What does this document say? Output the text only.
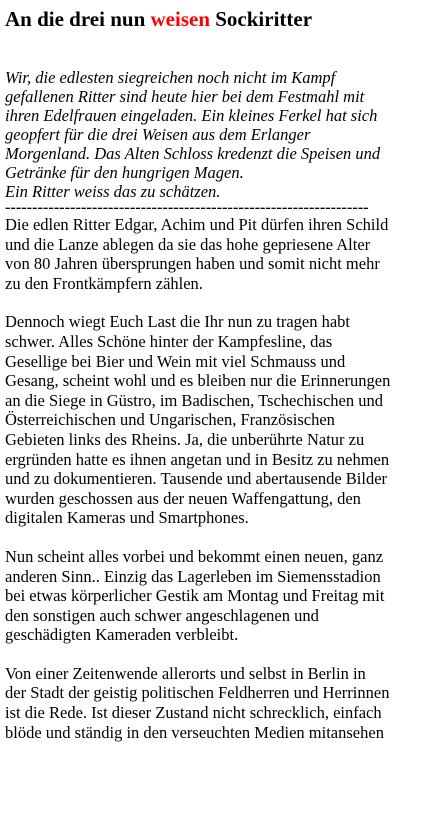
An die drei nun weisen Sockiritter
Wir, die edlesten siegreichen noch nicht im Kampf
gefallenen Ritter sind heute hier bei dem Festmahl mit
ihren Edelfrauen eingeladen. Ein kleines Ferkel hat sich
geopfert für die drei Weisen aus dem Erlanger
Morgenland. Das Alten Schloss kredenzt die Speisen und
Getränke für den hungrigen Magen.
Ein Ritter weiss das zu schätzen.
-------------------------------------------------------------------
Die edlen Ritter Edgar, Achim und Pit dürfen ihren Schild
und die Lanze ablegen da sie das hohe gepriesene Alter
von 80 Jahren übersprungen haben und somit nicht mehr
zu den Frontkämpfern zählen.
Dennoch wiegt Euch Last die Ihr nun zu tragen habt
schwer. Alles Schöne hinter der Kampfesline, das
Gesellige bei Bier und Wein mit viel Schmauss und
Gesang, scheint wohl und es bleiben nur die Erinnerungen
an die Siege in Güstro, im Badischen, Tschechischen und
Österreichischen und Ungarischen, Französischen
Gebieten links des Rheins. Ja, die unberührte Natur zu
ergründen hatte es ihnen angetan und in Besitz zu nehmen
und zu dokumentieren. Tausende und abertausende Bilder
wurden geschossen aus der neuen Waffengattung, den
digitalen Kameras und Smartphones.
Nun scheint alles vorbei und bekommt einen neuen, ganz
anderen Sinn.. Einzig das Lagerleben im Siemensstadion
bei etwas körperlicher Gestik am Montag und Freitag mit
den sonstigen auch schwer angeschlagenen und
geschädigten Kameraden verbleibt.
Von einer Zeitenwende allerorts und selbst in Berlin in
der Stadt der geistig politischen Feldherren und Herrinnen
ist die Rede. Ist dieser Zustand nicht schrecklich, einfach
blöde und ständig in den verseuchten Medien mitansehen
